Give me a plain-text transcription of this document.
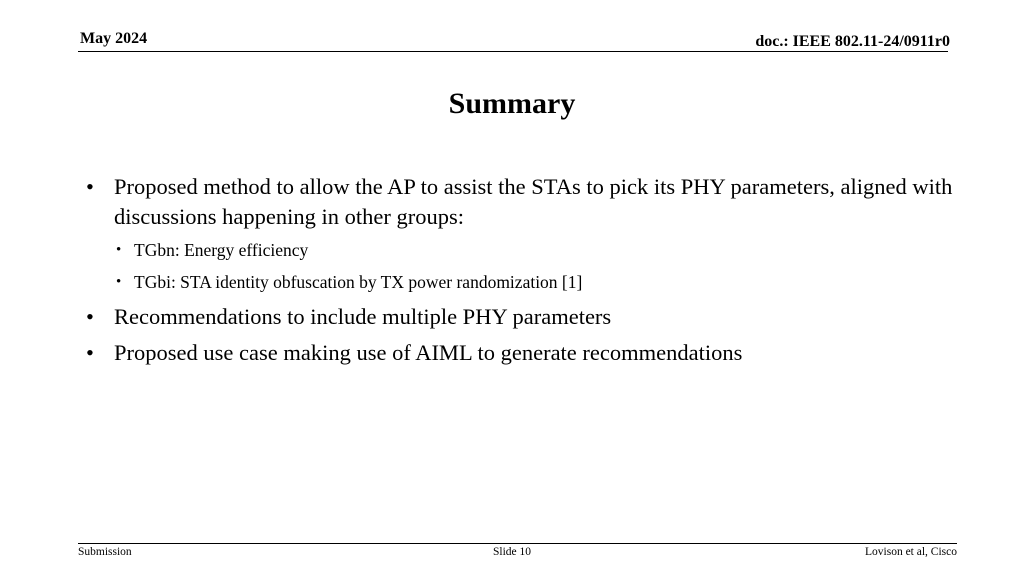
May 2024	doc.: IEEE 802.11-24/0911r0
Summary
• Proposed method to allow the AP to assist the STAs to pick its PHY parameters, aligned with discussions happening in other groups:
• TGbn: Energy efficiency
• TGbi: STA identity obfuscation by TX power randomization [1]
• Recommendations to include multiple PHY parameters
• Proposed use case making use of AIML to generate recommendations
Submission	Slide 10	Lovison et al, Cisco
